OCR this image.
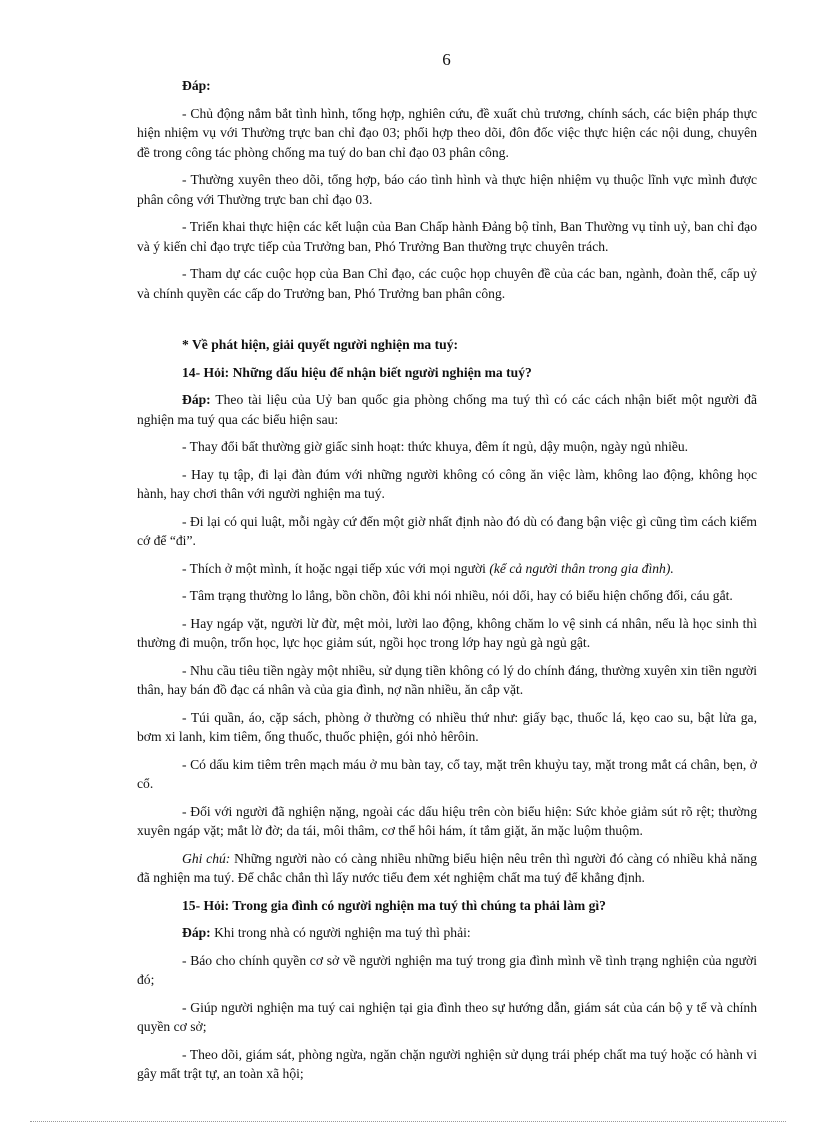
6

Đáp:

- Chủ động nắm bắt tình hình, tổng hợp, nghiên cứu, đề xuất chủ trương, chính sách, các biện pháp thực hiện nhiệm vụ với Thường trực ban chỉ đạo 03; phối hợp theo dõi, đôn đốc việc thực hiện các nội dung, chuyên đề trong công tác phòng chống ma tuý do ban chỉ đạo 03 phân công.

- Thường xuyên theo dõi, tổng hợp, báo cáo tình hình và thực hiện nhiệm vụ thuộc lĩnh vực mình được phân công với Thường trực ban chỉ đạo 03.

- Triển khai thực hiện các kết luận của Ban Chấp hành Đảng bộ tỉnh, Ban Thường vụ tỉnh uỷ, ban chỉ đạo và ý kiến chỉ đạo trực tiếp của Trưởng ban, Phó Trưởng Ban thường trực chuyên trách.

- Tham dự các cuộc họp của Ban Chỉ đạo, các cuộc họp chuyên đề của các ban, ngành, đoàn thể, cấp uỷ và chính quyền các cấp do Trưởng ban, Phó Trưởng ban phân công.

* Về phát hiện, giải quyết người nghiện ma tuý:

14- Hỏi: Những dấu hiệu để nhận biết người nghiện ma tuý?

Đáp: Theo tài liệu của Uỷ ban quốc gia phòng chống ma tuý thì có các cách nhận biết một người đã nghiện ma tuý qua các biểu hiện sau:

- Thay đổi bất thường giờ giấc sinh hoạt: thức khuya, đêm ít ngủ, dậy muộn, ngày ngủ nhiều.

- Hay tụ tập, đi lại đàn đúm với những người không có công ăn việc làm, không lao động, không học hành, hay chơi thân với người nghiện ma tuý.

- Đi lại có qui luật, mỗi ngày cứ đến một giờ nhất định nào đó dù có đang bận việc gì cũng tìm cách kiếm cớ để “đi”.

- Thích ở một mình, ít hoặc ngại tiếp xúc với mọi người (kể cả người thân trong gia đình).

- Tâm trạng thường lo lắng, bồn chồn, đôi khi nói nhiều, nói dối, hay có biểu hiện chống đối, cáu gắt.

- Hay ngáp vặt, người lừ đừ, mệt mỏi, lười lao động, không chăm lo vệ sinh cá nhân, nếu là học sinh thì thường đi muộn, trốn học, lực học giảm sút, ngồi học trong lớp hay ngủ gà ngủ gật.

- Nhu cầu tiêu tiền ngày một nhiều, sử dụng tiền không có lý do chính đáng, thường xuyên xin tiền người thân, hay bán đồ đạc cá nhân và của gia đình, nợ nần nhiều, ăn cắp vặt.

- Túi quần, áo, cặp sách, phòng ở thường có nhiều thứ như: giấy bạc, thuốc lá, kẹo cao su, bật lửa ga, bơm xi lanh, kim tiêm, ống thuốc, thuốc phiện, gói nhỏ hêrôin.

- Có dấu kim tiêm trên mạch máu ở mu bàn tay, cổ tay, mặt trên khuỷu tay, mặt trong mắt cá chân, bẹn, ở cổ.

- Đối với người đã nghiện nặng, ngoài các dấu hiệu trên còn biểu hiện: Sức khỏe giảm sút rõ rệt; thường xuyên ngáp vặt; mắt lờ đờ; da tái, môi thâm, cơ thể hôi hám, ít tắm giặt, ăn mặc luộm thuộm.

Ghi chú: Những người nào có càng nhiều những biểu hiện nêu trên thì người đó càng có nhiều khả năng đã nghiện ma tuý. Để chắc chắn thì lấy nước tiểu đem xét nghiệm chất ma tuý để khẳng định.

15- Hỏi: Trong gia đình có người nghiện ma tuý thì chúng ta phải làm gì?

Đáp: Khi trong nhà có người nghiện ma tuý thì phải:

- Báo cho chính quyền cơ sở về người nghiện ma tuý trong gia đình mình về tình trạng nghiện của người đó;

- Giúp người nghiện ma tuý cai nghiện tại gia đình theo sự hướng dẫn, giám sát của cán bộ y tế và chính quyền cơ sở;

- Theo dõi, giám sát, phòng ngừa, ngăn chặn người nghiện sử dụng trái phép chất ma tuý hoặc có hành vi gây mất trật tự, an toàn xã hội;
